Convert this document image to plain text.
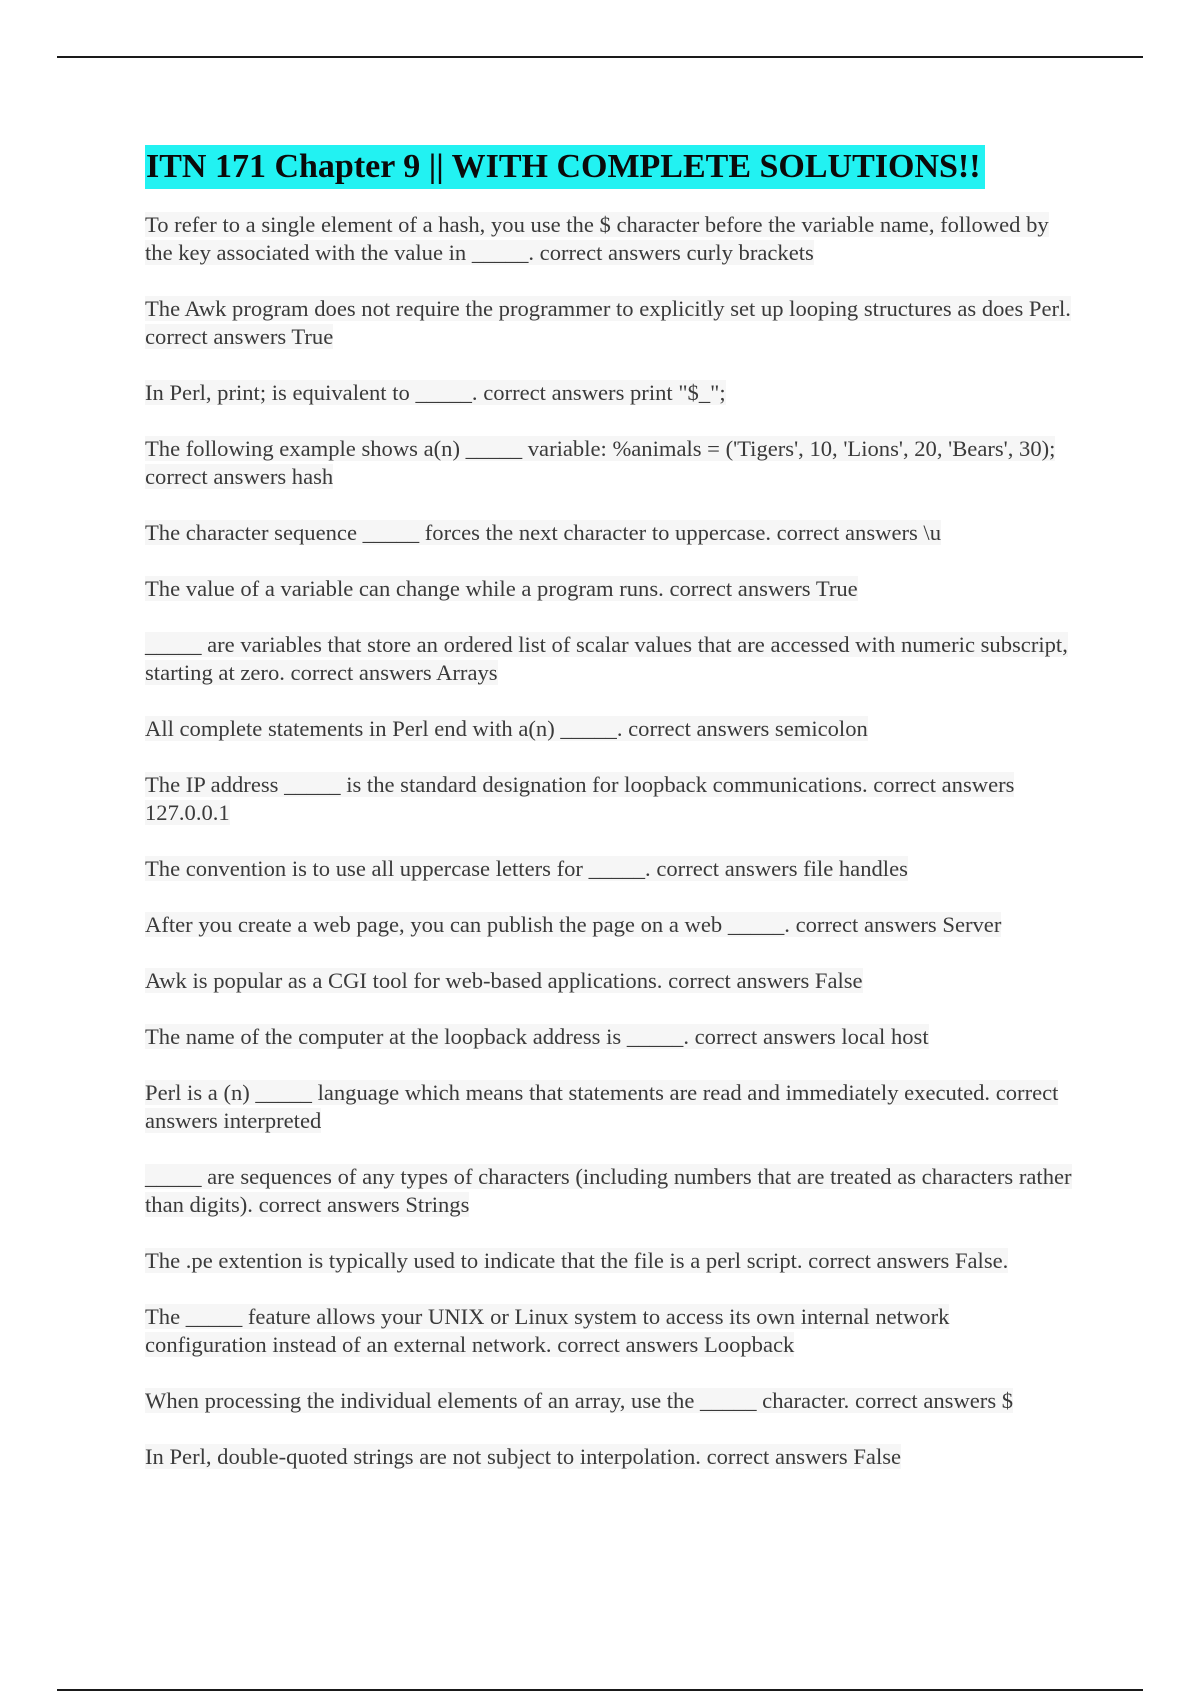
ITN 171 Chapter 9 || WITH COMPLETE SOLUTIONS!!

To refer to a single element of a hash, you use the $ character before the variable name, followed by the key associated with the value in _____. correct answers curly brackets

The Awk program does not require the programmer to explicitly set up looping structures as does Perl. correct answers True

In Perl, print; is equivalent to _____. correct answers print "$_";

The following example shows a(n) _____ variable: %animals = ('Tigers', 10, 'Lions', 20, 'Bears', 30); correct answers hash

The character sequence _____ forces the next character to uppercase. correct answers \u

The value of a variable can change while a program runs. correct answers True

_____ are variables that store an ordered list of scalar values that are accessed with numeric subscript, starting at zero. correct answers Arrays

All complete statements in Perl end with a(n) _____. correct answers semicolon

The IP address _____ is the standard designation for loopback communications. correct answers 127.0.0.1

The convention is to use all uppercase letters for _____. correct answers file handles

After you create a web page, you can publish the page on a web _____. correct answers Server

Awk is popular as a CGI tool for web-based applications. correct answers False

The name of the computer at the loopback address is _____. correct answers local host

Perl is a (n) _____ language which means that statements are read and immediately executed. correct answers interpreted

_____ are sequences of any types of characters (including numbers that are treated as characters rather than digits). correct answers Strings

The .pe extention is typically used to indicate that the file is a perl script. correct answers False.

The _____ feature allows your UNIX or Linux system to access its own internal network configuration instead of an external network. correct answers Loopback

When processing the individual elements of an array, use the _____ character. correct answers $

In Perl, double-quoted strings are not subject to interpolation. correct answers False
